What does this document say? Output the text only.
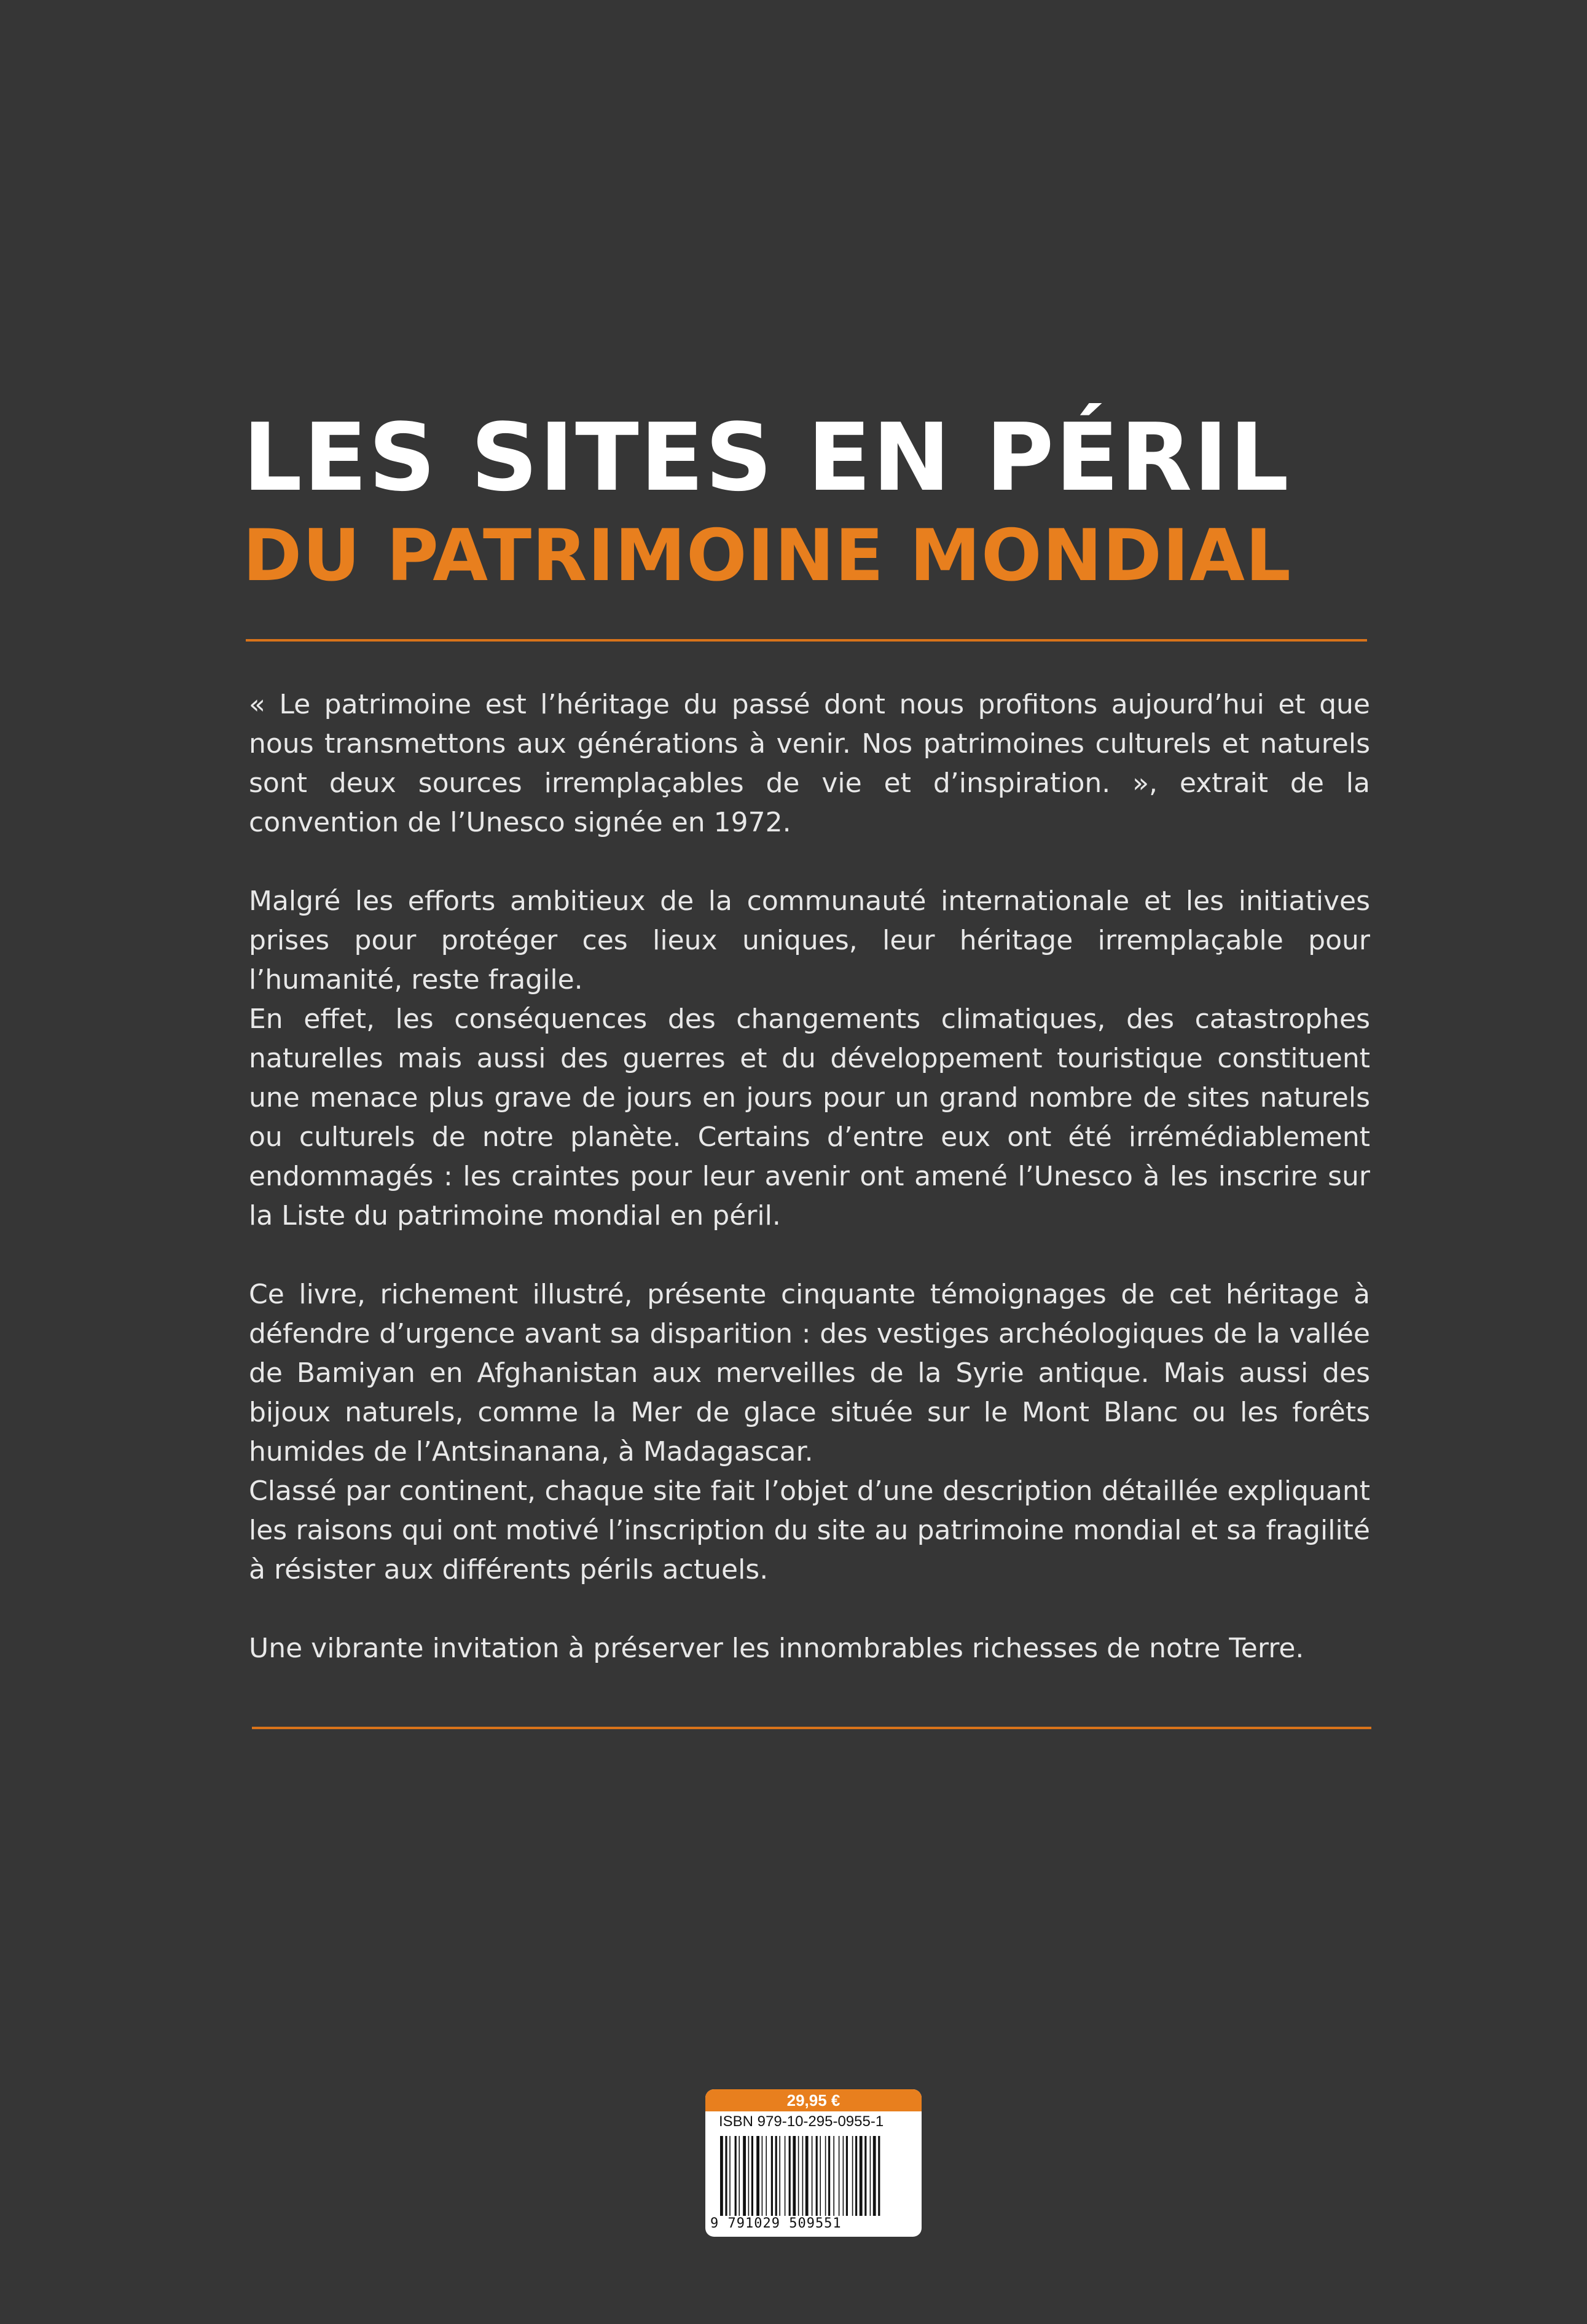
LES SITES EN PÉRIL
DU PATRIMOINE MONDIAL

« Le patrimoine est l’héritage du passé dont nous profitons aujourd’hui et que nous transmettons aux générations à venir. Nos patrimoines culturels et naturels sont deux sources irremplaçables de vie et d’inspiration. », extrait de la convention de l’Unesco signée en 1972.

Malgré les efforts ambitieux de la communauté internationale et les initiatives prises pour protéger ces lieux uniques, leur héritage irremplaçable pour l’humanité, reste fragile.

En effet, les conséquences des changements climatiques, des catastrophes naturelles mais aussi des guerres et du développement touristique constituent une menace plus grave de jours en jours pour un grand nombre de sites naturels ou culturels de notre planète. Certains d’entre eux ont été irrémédiablement endommagés : les craintes pour leur avenir ont amené l’Unesco à les inscrire sur la Liste du patrimoine mondial en péril.

Ce livre, richement illustré, présente cinquante témoignages de cet héritage à défendre d’urgence avant sa disparition : des vestiges archéologiques de la vallée de Bamiyan en Afghanistan aux merveilles de la Syrie antique. Mais aussi des bijoux naturels, comme la Mer de glace située sur le Mont Blanc ou les forêts humides de l’Antsinanana, à Madagascar.

Classé par continent, chaque site fait l’objet d’une description détaillée expliquant les raisons qui ont motivé l’inscription du site au patrimoine mondial et sa fragilité à résister aux différents périls actuels.

Une vibrante invitation à préserver les innombrables richesses de notre Terre.

29,95 €
ISBN 979-10-295-0955-1
9 791029 509551
